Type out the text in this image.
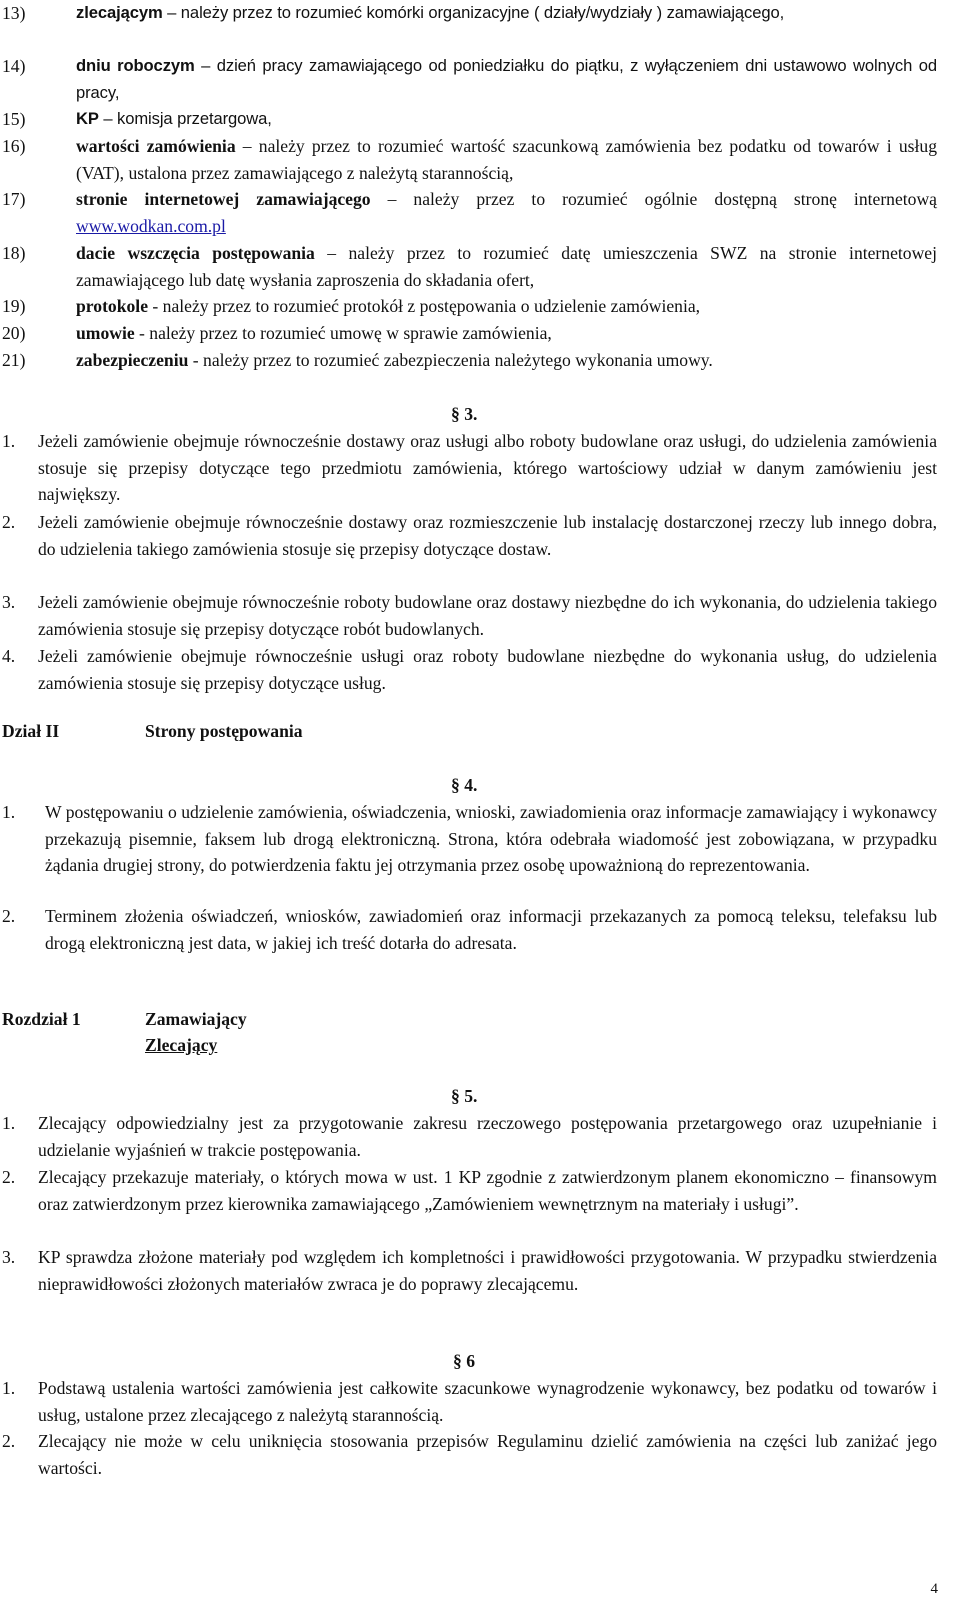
13)	zlecającym – należy przez to rozumieć komórki organizacyjne ( działy/wydziały ) zamawiającego,
14)	dniu roboczym – dzień pracy zamawiającego od poniedziałku do piątku, z wyłączeniem dni ustawowo wolnych od pracy,
15)	KP – komisja przetargowa,
16)	wartości zamówienia – należy przez to rozumieć wartość szacunkową zamówienia bez podatku od towarów i usług (VAT), ustalona przez zamawiającego z należytą starannością,
17)	stronie internetowej zamawiającego – należy przez to rozumieć ogólnie dostępną stronę internetową www.wodkan.com.pl
18)	dacie wszczęcia postępowania – należy przez to rozumieć datę umieszczenia SWZ na stronie internetowej zamawiającego lub datę wysłania zaproszenia do składania ofert,
19)	protokole - należy przez to rozumieć protokół z postępowania o udzielenie zamówienia,
20)	umowie - należy przez to rozumieć umowę w sprawie zamówienia,
21)	zabezpieczeniu - należy przez to rozumieć zabezpieczenia należytego wykonania umowy.
§ 3.
1. Jeżeli zamówienie obejmuje równocześnie dostawy oraz usługi albo roboty budowlane oraz usługi, do udzielenia zamówienia stosuje się przepisy dotyczące tego przedmiotu zamówienia, którego wartościowy udział w danym zamówieniu jest największy.
2. Jeżeli zamówienie obejmuje równocześnie dostawy oraz rozmieszczenie lub instalację dostarczonej rzeczy lub innego dobra, do udzielenia takiego zamówienia stosuje się przepisy dotyczące dostaw.
3. Jeżeli zamówienie obejmuje równocześnie roboty budowlane oraz dostawy niezbędne do ich wykonania, do udzielenia takiego zamówienia stosuje się przepisy dotyczące robót budowlanych.
4. Jeżeli zamówienie obejmuje równocześnie usługi oraz roboty budowlane niezbędne do wykonania usług, do udzielenia zamówienia stosuje się przepisy dotyczące usług.
Dział II	Strony postępowania
§ 4.
1. W postępowaniu o udzielenie zamówienia, oświadczenia, wnioski, zawiadomienia oraz informacje zamawiający i wykonawcy przekazują pisemnie, faksem lub drogą elektroniczną. Strona, która odebrała wiadomość jest zobowiązana, w przypadku żądania drugiej strony, do potwierdzenia faktu jej otrzymania przez osobę upoważnioną do reprezentowania.
2. Terminem złożenia oświadczeń, wniosków, zawiadomień oraz informacji przekazanych za pomocą teleksu, telefaksu lub drogą elektroniczną jest data, w jakiej ich treść dotarła do adresata.
Rozdział 1	Zamawiający
Zlecający
§ 5.
1. Zlecający odpowiedzialny jest za przygotowanie zakresu rzeczowego postępowania przetargowego oraz uzupełnianie i udzielanie wyjaśnień w trakcie postępowania.
2. Zlecający przekazuje materiały, o których mowa w ust. 1 KP zgodnie z zatwierdzonym planem ekonomiczno – finansowym oraz zatwierdzonym przez kierownika zamawiającego „Zamówieniem wewnętrznym na materiały i usługi”.
3. KP sprawdza złożone materiały pod względem ich kompletności i prawidłowości przygotowania. W przypadku stwierdzenia nieprawidłowości złożonych materiałów zwraca je do poprawy zlecającemu.
§ 6
1. Podstawą ustalenia wartości zamówienia jest całkowite szacunkowe wynagrodzenie wykonawcy, bez podatku od towarów i usług, ustalone przez zlecającego z należytą starannością.
2. Zlecający nie może w celu uniknięcia stosowania przepisów Regulaminu dzielić zamówienia na części lub zaniżać jego wartości.
4
